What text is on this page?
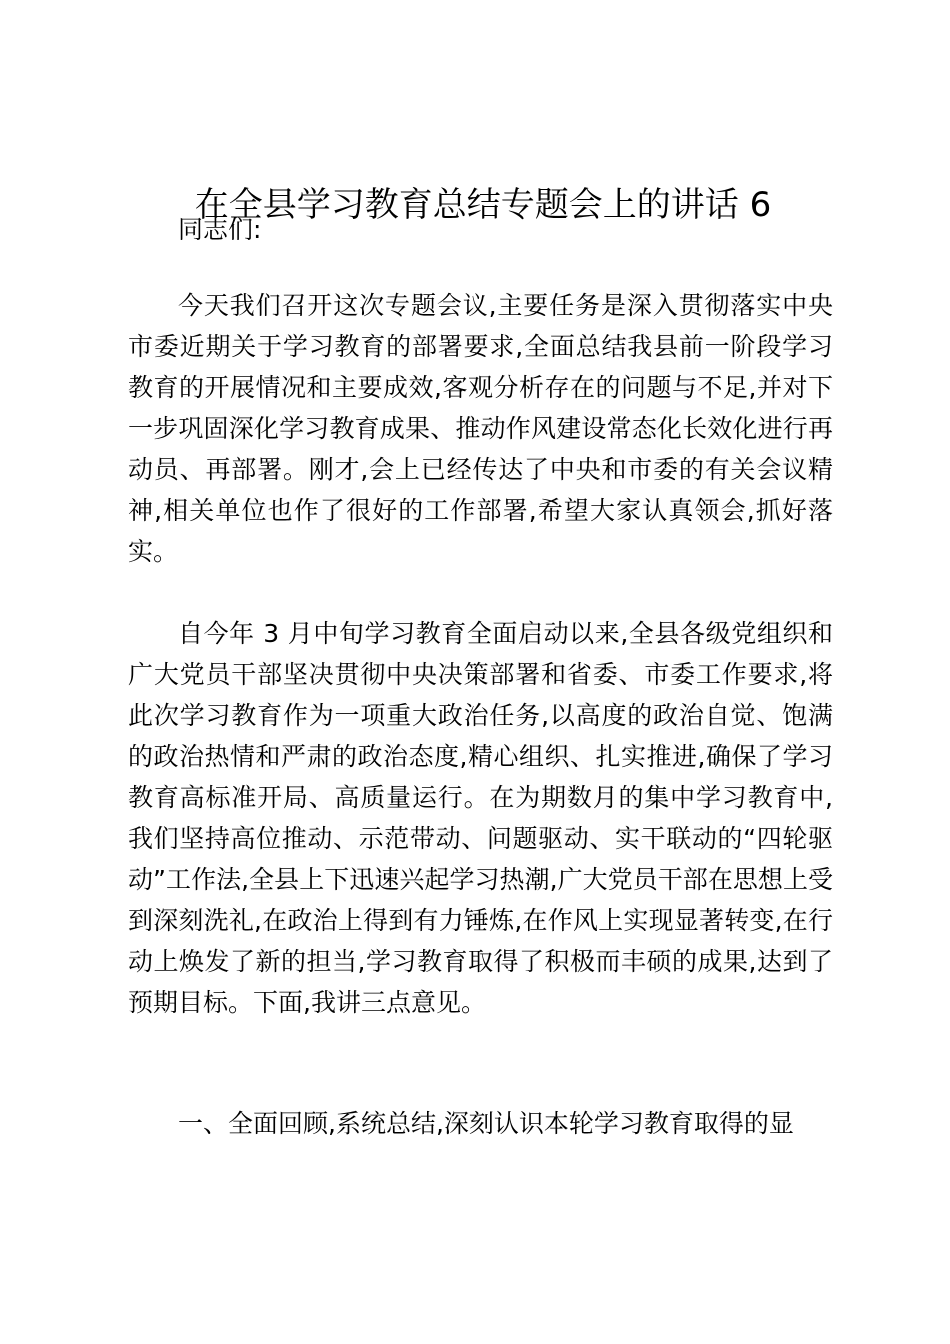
在全县学习教育总结专题会上的讲话 6
同志们:

今天我们召开这次专题会议,主要任务是深入贯彻落实中央市委近期关于学习教育的部署要求,全面总结我县前一阶段学习教育的开展情况和主要成效,客观分析存在的问题与不足,并对下一步巩固深化学习教育成果、推动作风建设常态化长效化进行再动员、再部署。刚才,会上已经传达了中央和市委的有关会议精神,相关单位也作了很好的工作部署,希望大家认真领会,抓好落实。

自今年 3 月中旬学习教育全面启动以来,全县各级党组织和广大党员干部坚决贯彻中央决策部署和省委、市委工作要求,将此次学习教育作为一项重大政治任务,以高度的政治自觉、饱满的政治热情和严肃的政治态度,精心组织、扎实推进,确保了学习教育高标准开局、高质量运行。在为期数月的集中学习教育中,我们坚持高位推动、示范带动、问题驱动、实干联动的“四轮驱动”工作法,全县上下迅速兴起学习热潮,广大党员干部在思想上受到深刻洗礼,在政治上得到有力锤炼,在作风上实现显著转变,在行动上焕发了新的担当,学习教育取得了积极而丰硕的成果,达到了预期目标。下面,我讲三点意见。

一、全面回顾,系统总结,深刻认识本轮学习教育取得的显
